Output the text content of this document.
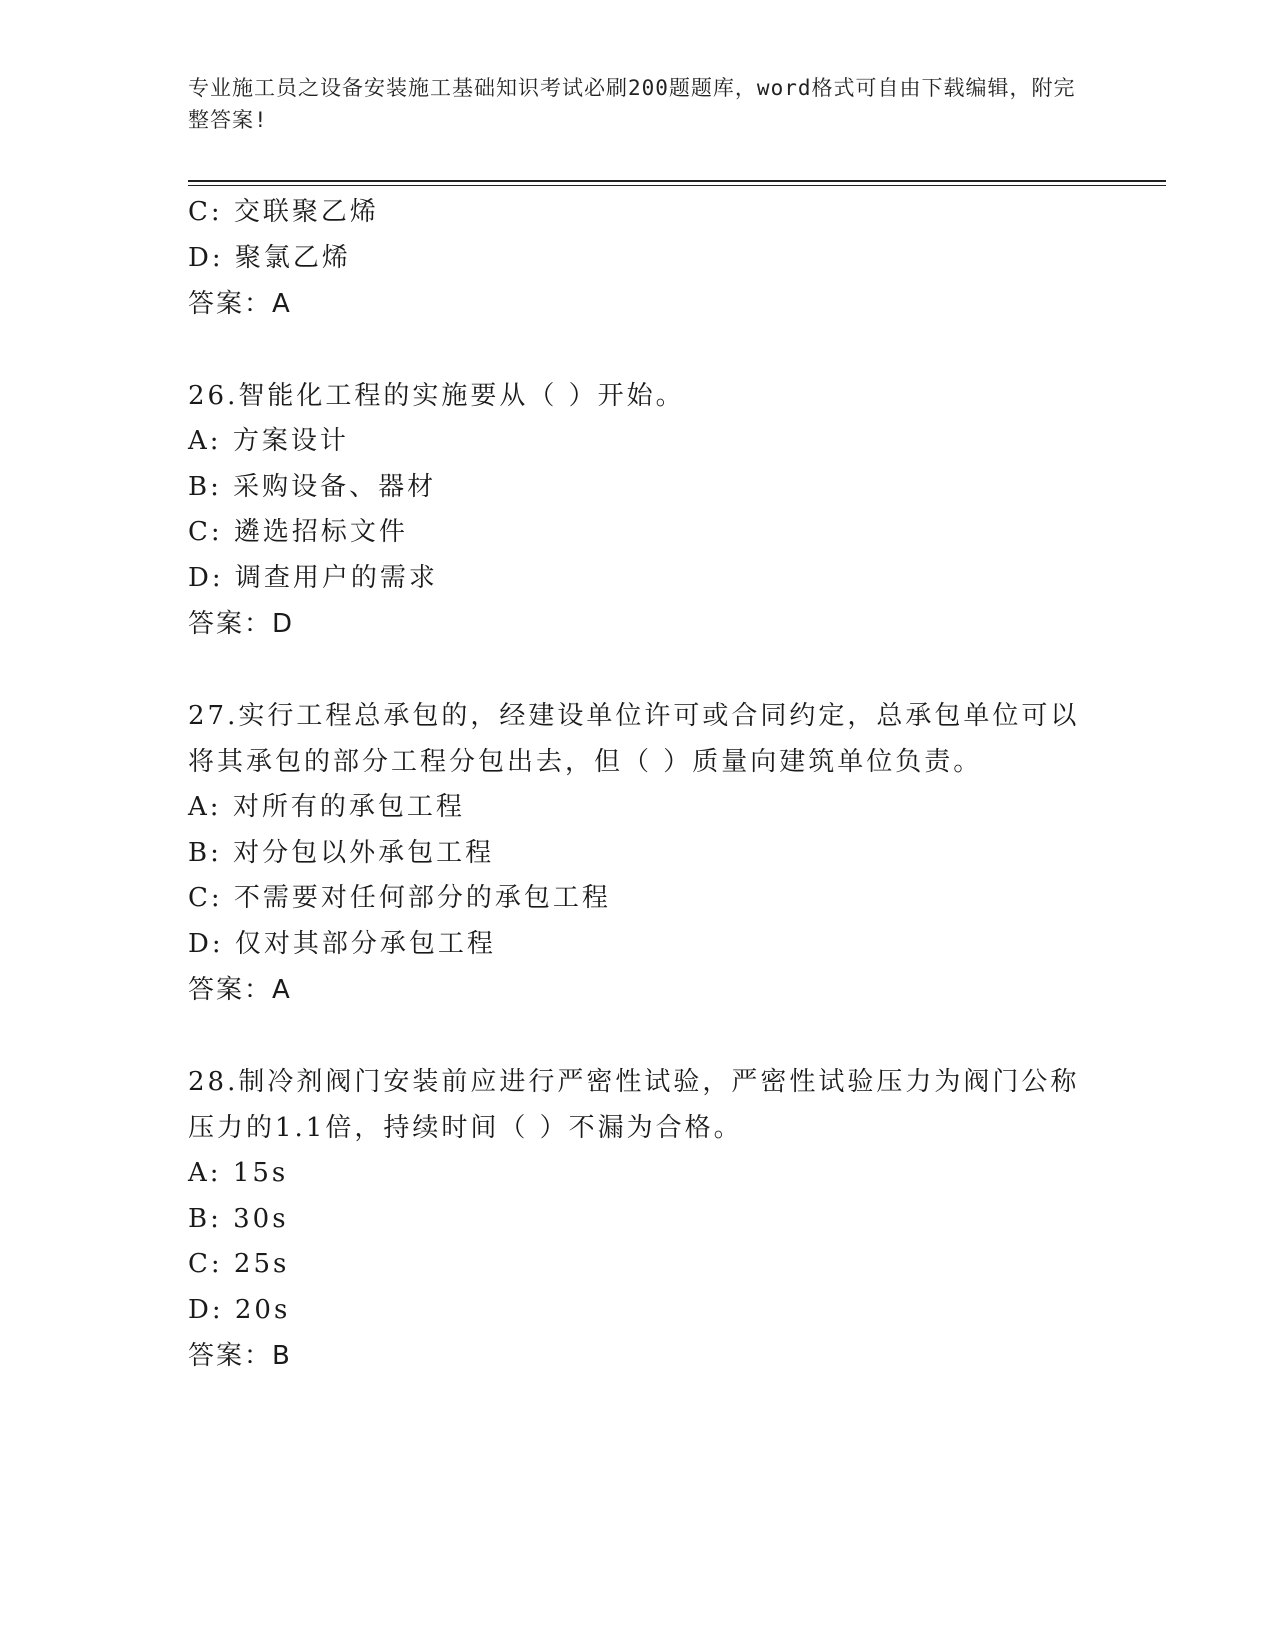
专业施工员之设备安装施工基础知识考试必刷200题题库，word格式可自由下载编辑，附完整答案!
C: 交联聚乙烯
D: 聚氯乙烯
答案：A
26.智能化工程的实施要从（ ）开始。
A: 方案设计
B: 采购设备、器材
C: 遴选招标文件
D: 调查用户的需求
答案：D
27.实行工程总承包的，经建设单位许可或合同约定，总承包单位可以将其承包的部分工程分包出去，但（ ）质量向建筑单位负责。
A: 对所有的承包工程
B: 对分包以外承包工程
C: 不需要对任何部分的承包工程
D: 仅对其部分承包工程
答案：A
28.制冷剂阀门安装前应进行严密性试验，严密性试验压力为阀门公称压力的1.1倍，持续时间（ ）不漏为合格。
A: 15s
B: 30s
C: 25s
D: 20s
答案：B
